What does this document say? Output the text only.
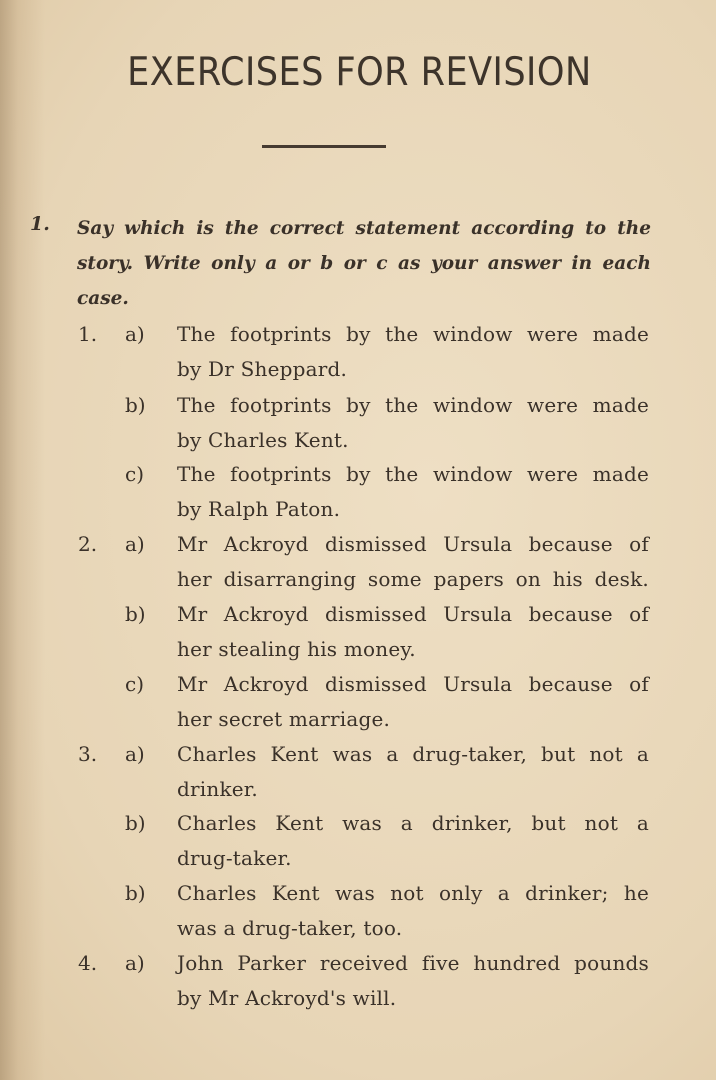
EXERCISES FOR REVISION
1. Say which is the correct statement according to the story. Write only a or b or c as your answer in each case.

1. a) The footprints by the window were made
by Dr Sheppard.
b) The footprints by the window were made
by Charles Kent.
c) The footprints by the window were made
by Ralph Paton.
2. a) Mr Ackroyd dismissed Ursula because of
her disarranging some papers on his desk.
b) Mr Ackroyd dismissed Ursula because of
her stealing his money.
c) Mr Ackroyd dismissed Ursula because of
her secret marriage.
3. a) Charles Kent was a drug-taker, but not a
drinker.
b) Charles Kent was a drinker, but not a
drug-taker.
b) Charles Kent was not only a drinker; he
was a drug-taker, too.
4. a) John Parker received five hundred pounds
by Mr Ackroyd's will.
